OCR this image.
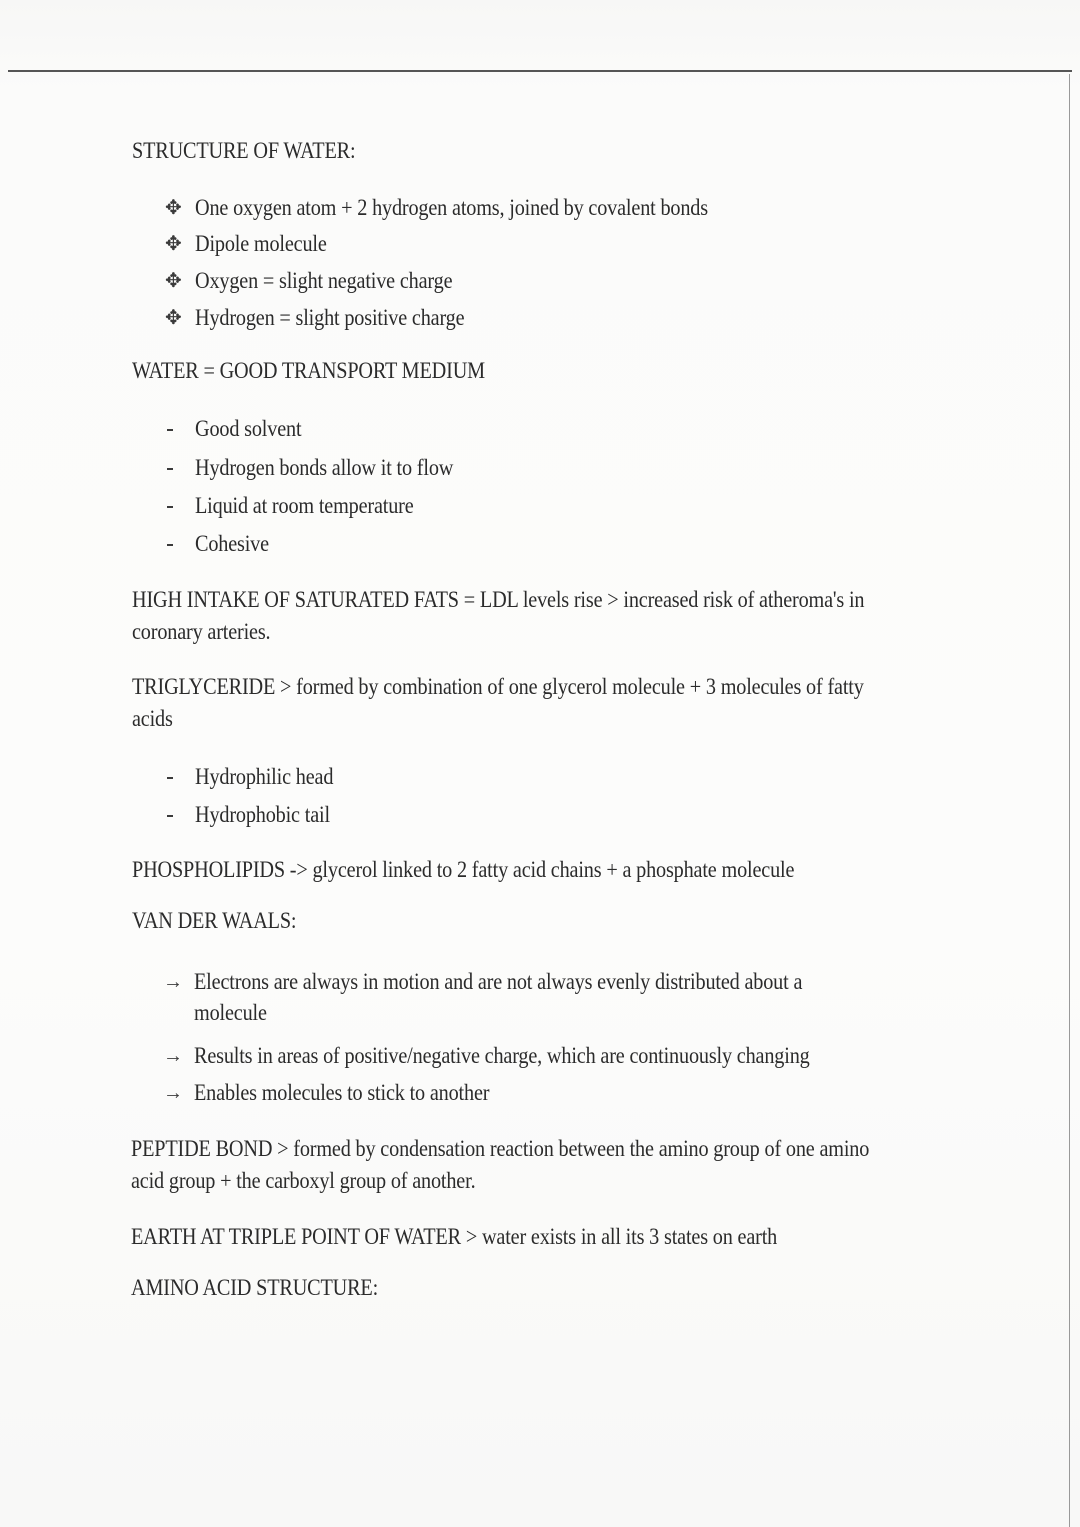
STRUCTURE OF WATER:
✥ One oxygen atom + 2 hydrogen atoms, joined by covalent bonds
✥ Dipole molecule
✥ Oxygen = slight negative charge
✥ Hydrogen = slight positive charge
WATER = GOOD TRANSPORT MEDIUM
Good solvent
Hydrogen bonds allow it to flow
Liquid at room temperature
Cohesive
HIGH INTAKE OF SATURATED FATS = LDL levels rise > increased risk of atheroma's in
coronary arteries.
TRIGLYCERIDE > formed by combination of one glycerol molecule + 3 molecules of fatty
acids
Hydrophilic head
Hydrophobic tail
PHOSPHOLIPIDS -> glycerol linked to 2 fatty acid chains + a phosphate molecule
VAN DER WAALS:
→ Electrons are always in motion and are not always evenly distributed about a
molecule
→ Results in areas of positive/negative charge, which are continuously changing
→ Enables molecules to stick to another
PEPTIDE BOND > formed by condensation reaction between the amino group of one amino
acid group + the carboxyl group of another.
EARTH AT TRIPLE POINT OF WATER > water exists in all its 3 states on earth
AMINO ACID STRUCTURE:
